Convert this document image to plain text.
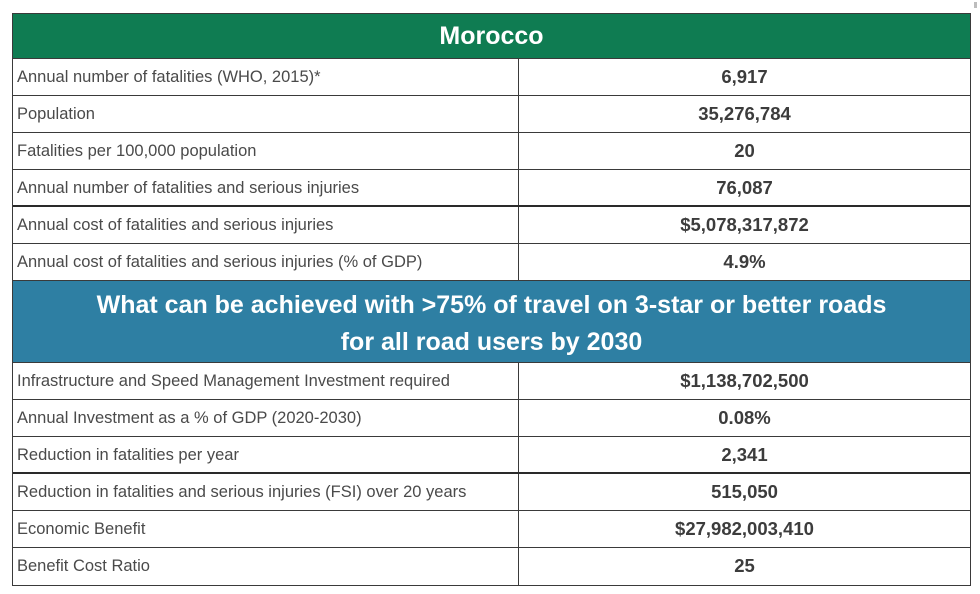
Morocco
Annual number of fatalities (WHO, 2015)*	6,917
Population	35,276,784
Fatalities per 100,000 population	20
Annual number of fatalities and serious injuries	76,087
Annual cost of fatalities and serious injuries	$5,078,317,872
Annual cost of fatalities and serious injuries (% of GDP)	4.9%
What can be achieved with >75% of travel on 3-star or better roads
for all road users by 2030
Infrastructure and Speed Management Investment required	$1,138,702,500
Annual Investment as a % of GDP (2020-2030)	0.08%
Reduction in fatalities per year	2,341
Reduction in fatalities and serious injuries (FSI) over 20 years	515,050
Economic Benefit	$27,982,003,410
Benefit Cost Ratio	25
